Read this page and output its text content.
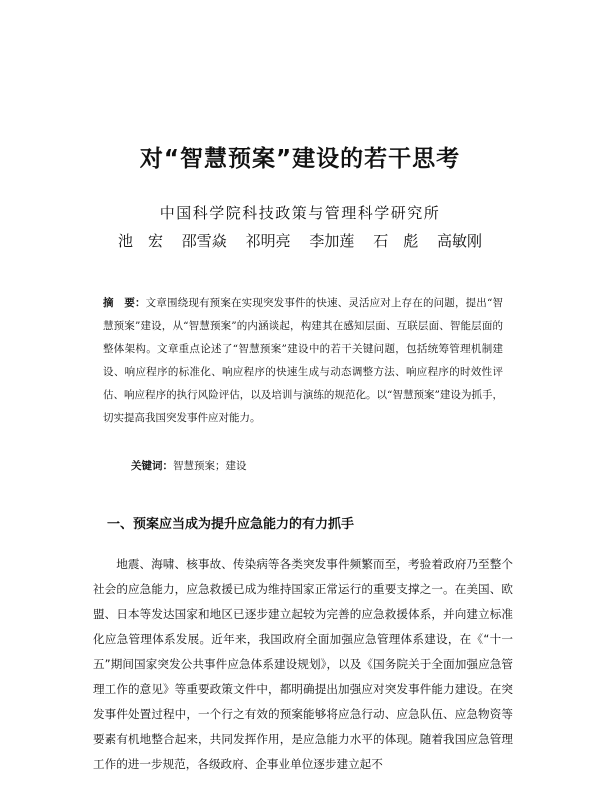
对“智慧预案”建设的若干思考
中国科学院科技政策与管理科学研究所
池　宏 邵雪焱 祁明亮 李加莲 石　彪 高敏刚
摘　要：文章围绕现有预案在实现突发事件的快速、灵活应对上存在的问题，提出“智慧预案”建设，从“智慧预案”的内涵谈起，构建其在感知层面、互联层面、智能层面的整体架构。文章重点论述了“智慧预案”建设中的若干关键问题，包括统筹管理机制建设、响应程序的标准化、响应程序的快速生成与动态调整方法、响应程序的时效性评估、响应程序的执行风险评估，以及培训与演练的规范化。以“智慧预案”建设为抓手，切实提高我国突发事件应对能力。
关键词：智慧预案；建设
一、预案应当成为提升应急能力的有力抓手
地震、海啸、核事故、传染病等各类突发事件频繁而至，考验着政府乃至整个社会的应急能力，应急救援已成为维持国家正常运行的重要支撑之一。在美国、欧盟、日本等发达国家和地区已逐步建立起较为完善的应急救援体系，并向建立标准化应急管理体系发展。近年来，我国政府全面加强应急管理体系建设，在《“十一五”期间国家突发公共事件应急体系建设规划》，以及《国务院关于全面加强应急管理工作的意见》等重要政策文件中，都明确提出加强应对突发事件能力建设。在突发事件处置过程中，一个行之有效的预案能够将应急行动、应急队伍、应急物资等要素有机地整合起来，共同发挥作用，是应急能力水平的体现。随着我国应急管理工作的进一步规范，各级政府、企事业单位逐步建立起不
